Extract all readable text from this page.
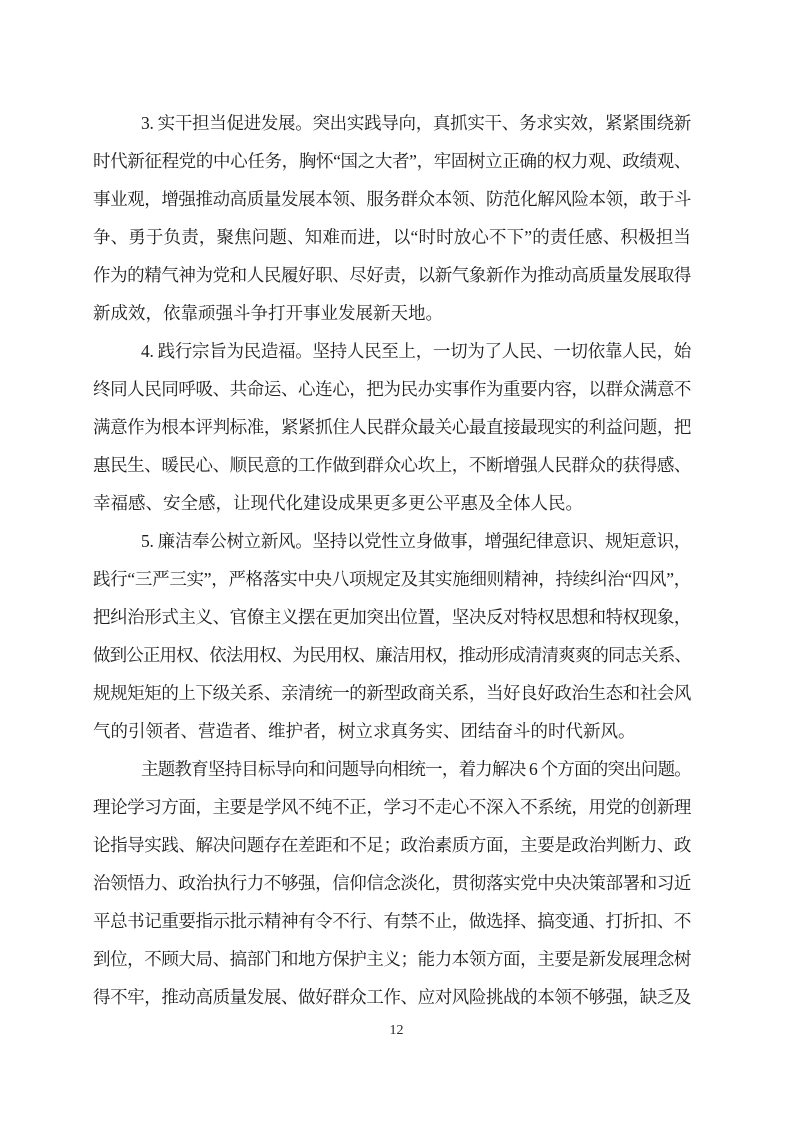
3. 实干担当促进发展。突出实践导向，真抓实干、务求实效，紧紧围绕新
时代新征程党的中心任务，胸怀“国之大者”，牢固树立正确的权力观、政绩观、
事业观，增强推动高质量发展本领、服务群众本领、防范化解风险本领，敢于斗
争、勇于负责，聚焦问题、知难而进，以“时时放心不下”的责任感、积极担当
作为的精气神为党和人民履好职、尽好责，以新气象新作为推动高质量发展取得
新成效，依靠顽强斗争打开事业发展新天地。
4. 践行宗旨为民造福。坚持人民至上，一切为了人民、一切依靠人民，始
终同人民同呼吸、共命运、心连心，把为民办实事作为重要内容，以群众满意不
满意作为根本评判标准，紧紧抓住人民群众最关心最直接最现实的利益问题，把
惠民生、暖民心、顺民意的工作做到群众心坎上，不断增强人民群众的获得感、
幸福感、安全感，让现代化建设成果更多更公平惠及全体人民。
5. 廉洁奉公树立新风。坚持以党性立身做事，增强纪律意识、规矩意识，
践行“三严三实”，严格落实中央八项规定及其实施细则精神，持续纠治“四风”，
把纠治形式主义、官僚主义摆在更加突出位置，坚决反对特权思想和特权现象，
做到公正用权、依法用权、为民用权、廉洁用权，推动形成清清爽爽的同志关系、
规规矩矩的上下级关系、亲清统一的新型政商关系，当好良好政治生态和社会风
气的引领者、营造者、维护者，树立求真务实、团结奋斗的时代新风。
主题教育坚持目标导向和问题导向相统一，着力解决 6 个方面的突出问题。
理论学习方面，主要是学风不纯不正，学习不走心不深入不系统，用党的创新理
论指导实践、解决问题存在差距和不足；政治素质方面，主要是政治判断力、政
治领悟力、政治执行力不够强，信仰信念淡化，贯彻落实党中央决策部署和习近
平总书记重要指示批示精神有令不行、有禁不止，做选择、搞变通、打折扣、不
到位，不顾大局、搞部门和地方保护主义；能力本领方面，主要是新发展理念树
得不牢，推动高质量发展、做好群众工作、应对风险挑战的本领不够强，缺乏及
12
